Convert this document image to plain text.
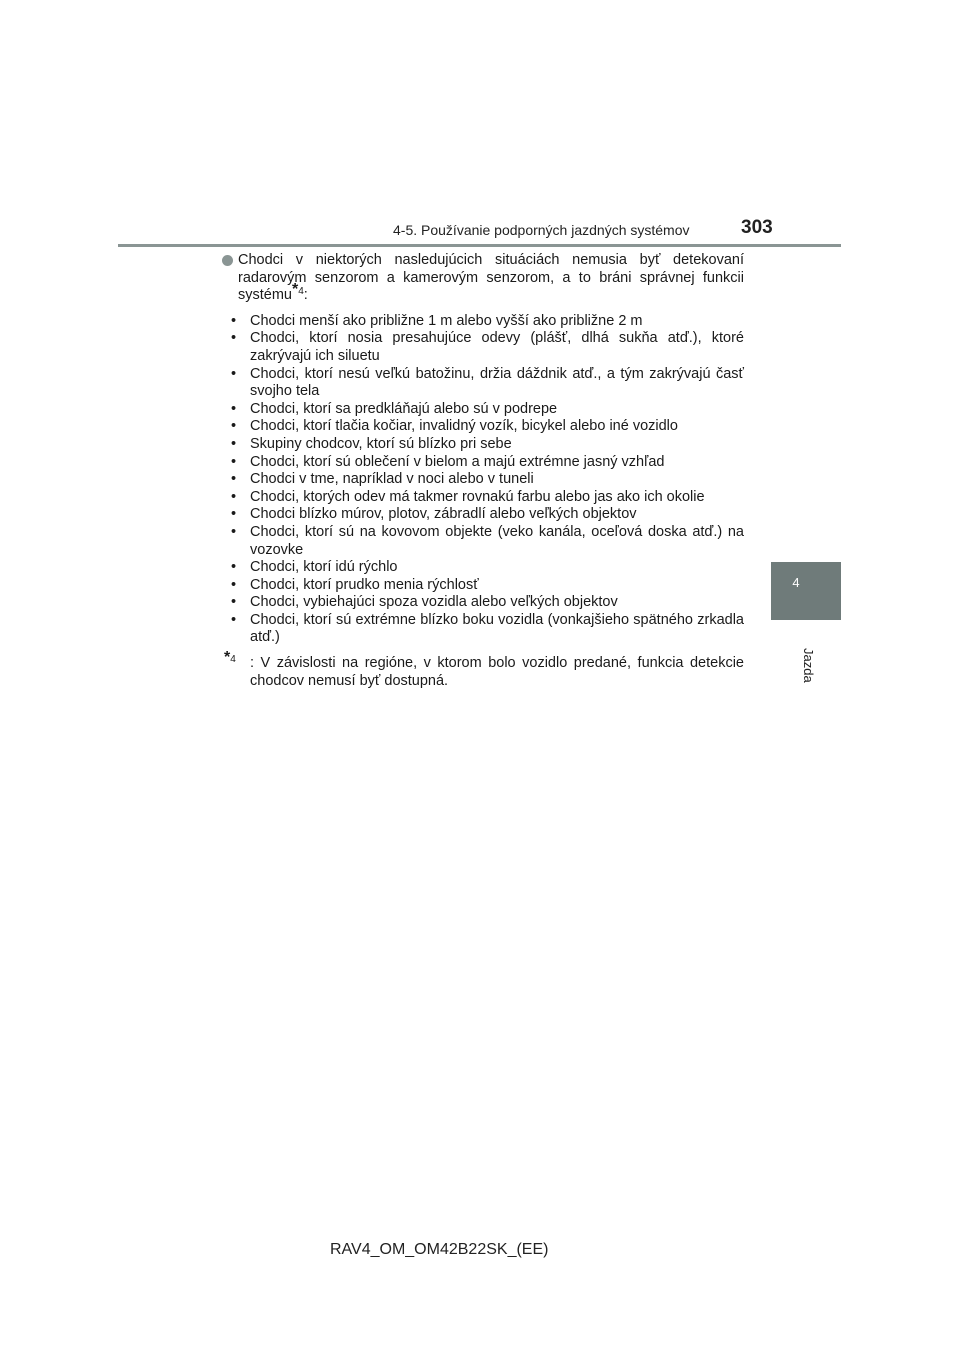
4-5. Používanie podporných jazdných systémov	303
4
Jazda
Chodci v niektorých nasledujúcich situáciách nemusia byť detekovaní radarovým senzorom a kamerovým senzorom, a to bráni správnej funkcii systému$^{*4}$:
• Chodci menší ako približne 1 m alebo vyšší ako približne 2 m
• Chodci, ktorí nosia presahujúce odevy (plášť, dlhá sukňa atď.), ktoré zakrývajú ich siluetu
• Chodci, ktorí nesú veľkú batožinu, držia dáždnik atď., a tým zakrývajú časť svojho tela
• Chodci, ktorí sa predkláňajú alebo sú v podrepe
• Chodci, ktorí tlačia kočiar, invalidný vozík, bicykel alebo iné vozidlo
• Skupiny chodcov, ktorí sú blízko pri sebe
• Chodci, ktorí sú oblečení v bielom a majú extrémne jasný vzhľad
• Chodci v tme, napríklad v noci alebo v tuneli
• Chodci, ktorých odev má takmer rovnakú farbu alebo jas ako ich okolie
• Chodci blízko múrov, plotov, zábradlí alebo veľkých objektov
• Chodci, ktorí sú na kovovom objekte (veko kanála, oceľová doska atď.) na vozovke
• Chodci, ktorí idú rýchlo
• Chodci, ktorí prudko menia rýchlosť
• Chodci, vybiehajúci spoza vozidla alebo veľkých objektov
• Chodci, ktorí sú extrémne blízko boku vozidla (vonkajšieho spätného zrkadla atď.)
$^{*4}$ : V závislosti na regióne, v ktorom bolo vozidlo predané, funkcia detekcie chodcov nemusí byť dostupná.
RAV4_OM_OM42B22SK_(EE)
